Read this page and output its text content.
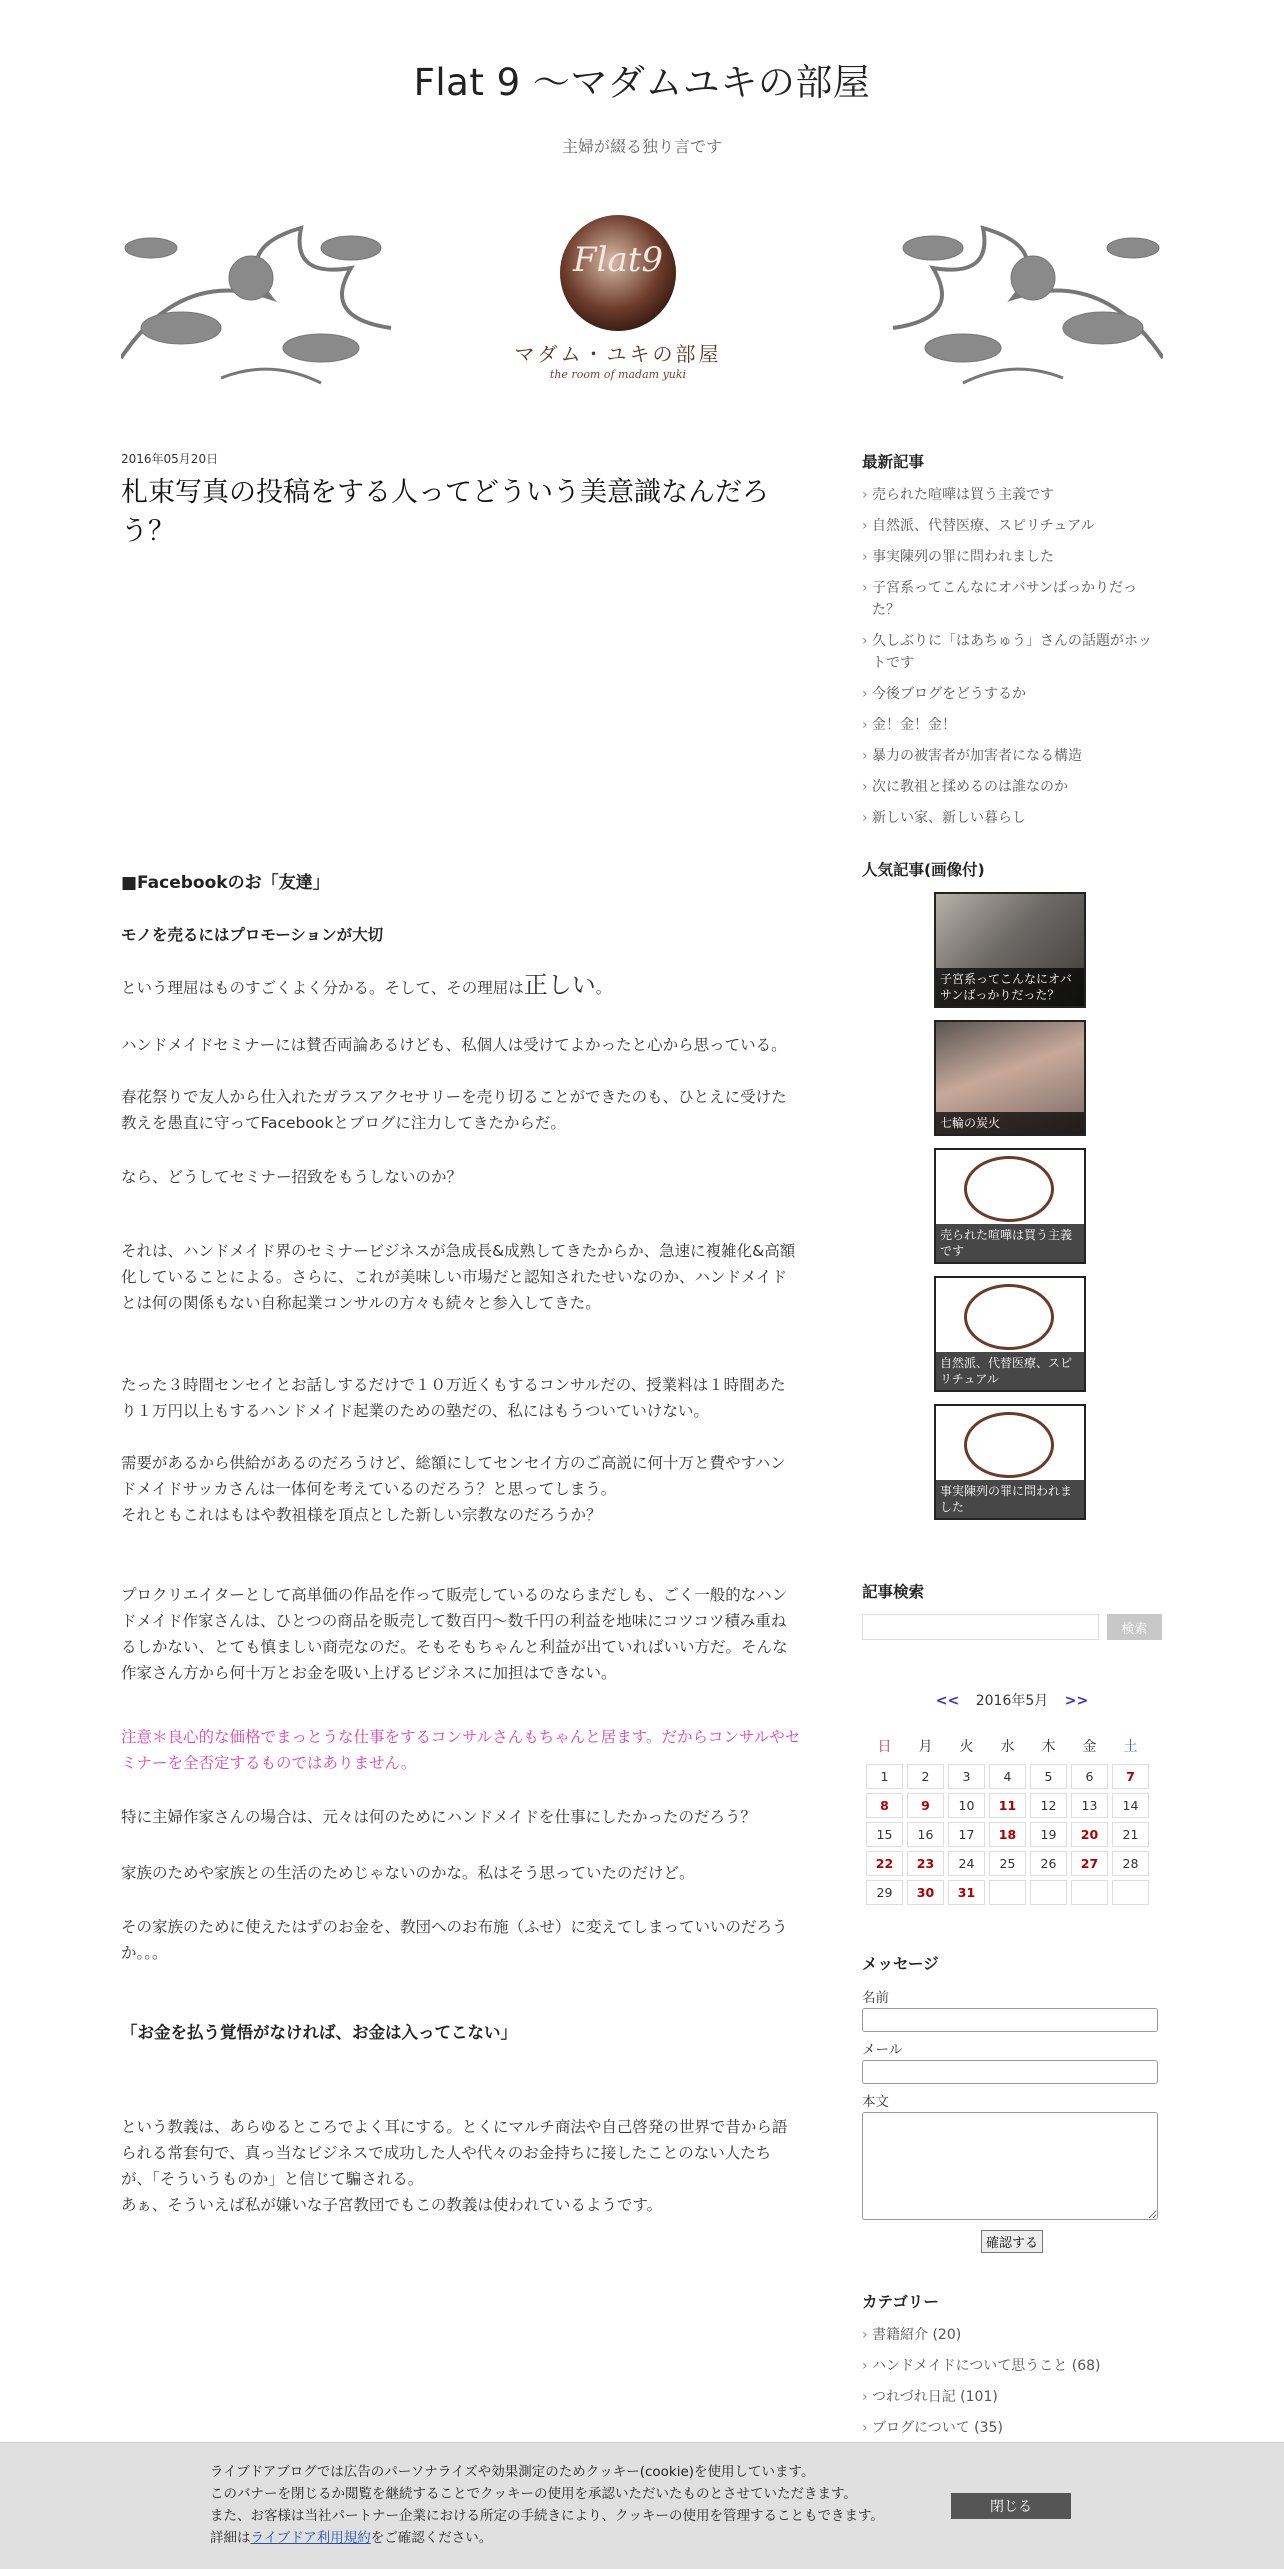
Flat 9 〜マダムユキの部屋
主婦が綴る独り言です
Flat9
マダム・ユキの部屋
the room of madam yuki
2016年05月20日
札束写真の投稿をする人ってどういう美意識なんだろう？

■Facebookのお「友達」

モノを売るにはプロモーションが大切

という理屈はものすごくよく分かる。そして、その理屈は正しい。

ハンドメイドセミナーには賛否両論あるけども、私個人は受けてよかったと心から思っている。

春花祭りで友人から仕入れたガラスアクセサリーを売り切ることができたのも、ひとえに受けた教えを愚直に守ってFacebookとブログに注力してきたからだ。

なら、どうしてセミナー招致をもうしないのか？

それは、ハンドメイド界のセミナービジネスが急成長&成熟してきたからか、急速に複雑化&高額化していることによる。さらに、これが美味しい市場だと認知されたせいなのか、ハンドメイドとは何の関係もない自称起業コンサルの方々も続々と参入してきた。

たった３時間センセイとお話しするだけで１０万近くもするコンサルだの、授業料は１時間あたり１万円以上もするハンドメイド起業のための塾だの、私にはもうついていけない。

需要があるから供給があるのだろうけど、総額にしてセンセイ方のご高説に何十万と費やすハンドメイドサッカさんは一体何を考えているのだろう？と思ってしまう。

それともこれはもはや教祖様を頂点とした新しい宗教なのだろうか？

プロクリエイターとして高単価の作品を作って販売しているのならまだしも、ごく一般的なハンドメイド作家さんは、ひとつの商品を販売して数百円〜数千円の利益を地味にコツコツ積み重ねるしかない、とても慎ましい商売なのだ。そもそもちゃんと利益が出ていればいい方だ。そんな作家さん方から何十万とお金を吸い上げるビジネスに加担はできない。

注意＊良心的な価格でまっとうな仕事をするコンサルさんもちゃんと居ます。だからコンサルやセミナーを全否定するものではありません。

特に主婦作家さんの場合は、元々は何のためにハンドメイドを仕事にしたかったのだろう？

家族のためや家族との生活のためじゃないのかな。私はそう思っていたのだけど。

その家族のために使えたはずのお金を、教団へのお布施（ふせ）に変えてしまっていいのだろうか。。。

「お金を払う覚悟がなければ、お金は入ってこない」

という教義は、あらゆるところでよく耳にする。とくにマルチ商法や自己啓発の世界で昔から語られる常套句で、真っ当なビジネスで成功した人や代々のお金持ちに接したことのない人たちが、「そういうものか」と信じて騙される。

あぁ、そういえば私が嫌いな子宮教団でもこの教義は使われているようです。

最新記事
› 売られた喧嘩は買う主義です
› 自然派、代替医療、スピリチュアル
› 事実陳列の罪に問われました
› 子宮系ってこんなにオバサンばっかりだった？
› 久しぶりに「はあちゅう」さんの話題がホットです
› 今後ブログをどうするか
› 金！金！金！
› 暴力の被害者が加害者になる構造
› 次に教祖と揉めるのは誰なのか
› 新しい家、新しい暮らし
人気記事(画像付)
子宮系ってこんなにオバサンばっかりだった？
七輪の炭火
売られた喧嘩は買う主義です
自然派、代替医療、スピリチュアル
事実陳列の罪に問われました
記事検索
検索
<< 2016年5月 >>
日	月	火	水	木	金	土
1	2	3	4	5	6	7
8	9	10	11	12	13	14
15	16	17	18	19	20	21
22	23	24	25	26	27	28
29	30	31				
メッセージ
名前
メール
本文
確認する
カテゴリー
› 書籍紹介 (20)
› ハンドメイドについて思うこと (68)
› つれづれ日記 (101)
› ブログについて (35)
ライブドアブログでは広告のパーソナライズや効果測定のためクッキー(cookie)を使用しています。
このバナーを閉じるか閲覧を継続することでクッキーの使用を承認いただいたものとさせていただきます。
また、お客様は当社パートナー企業における所定の手続きにより、クッキーの使用を管理することもできます。
詳細はライブドア利用規約をご確認ください。
閉じる
